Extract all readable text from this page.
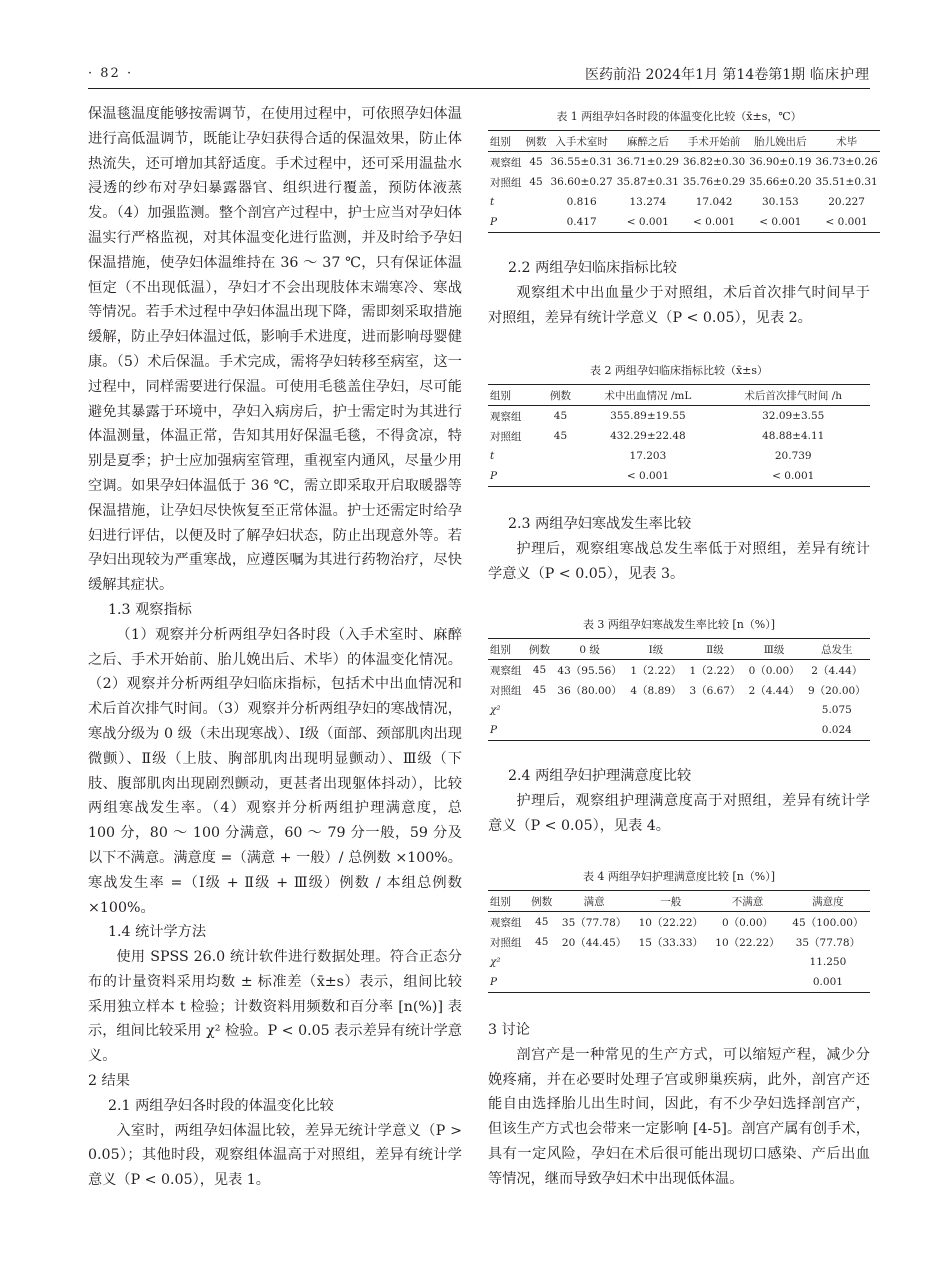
· 82 ·	医药前沿 2024年1月 第14卷第1期 临床护理

保温毯温度能够按需调节，在使用过程中，可依照孕妇体温进行高低温调节，既能让孕妇获得合适的保温效果，防止体热流失，还可增加其舒适度。手术过程中，还可采用温盐水浸透的纱布对孕妇暴露器官、组织进行覆盖，预防体液蒸发。（4）加强监测。整个剖宫产过程中，护士应当对孕妇体温实行严格监视，对其体温变化进行监测，并及时给予孕妇保温措施，使孕妇体温维持在 36 ～ 37 ℃，只有保证体温恒定（不出现低温），孕妇才不会出现肢体末端寒冷、寒战等情况。若手术过程中孕妇体温出现下降，需即刻采取措施缓解，防止孕妇体温过低，影响手术进度，进而影响母婴健康。（5）术后保温。手术完成，需将孕妇转移至病室，这一过程中，同样需要进行保温。可使用毛毯盖住孕妇，尽可能避免其暴露于环境中，孕妇入病房后，护士需定时为其进行体温测量，体温正常，告知其用好保温毛毯，不得贪凉，特别是夏季；护士应加强病室管理，重视室内通风，尽量少用空调。如果孕妇体温低于 36 ℃，需立即采取开启取暖器等保温措施，让孕妇尽快恢复至正常体温。护士还需定时给孕妇进行评估，以便及时了解孕妇状态，防止出现意外等。若孕妇出现较为严重寒战，应遵医嘱为其进行药物治疗，尽快缓解其症状。

1.3 观察指标

（1）观察并分析两组孕妇各时段（入手术室时、麻醉之后、手术开始前、胎儿娩出后、术毕）的体温变化情况。（2）观察并分析两组孕妇临床指标，包括术中出血情况和术后首次排气时间。（3）观察并分析两组孕妇的寒战情况，寒战分级为 0 级（未出现寒战）、Ⅰ级（面部、颈部肌肉出现微颤）、Ⅱ级（上肢、胸部肌肉出现明显颤动）、Ⅲ级（下肢、腹部肌肉出现剧烈颤动，更甚者出现躯体抖动），比较两组寒战发生率。（4）观察并分析两组护理满意度，总 100 分，80 ～ 100 分满意，60 ～ 79 分一般，59 分及以下不满意。满意度 =（满意 + 一般）/ 总例数 ×100%。寒战发生率 =（Ⅰ级 + Ⅱ级 + Ⅲ级）例数 / 本组总例数 ×100%。

1.4 统计学方法

使用 SPSS 26.0 统计软件进行数据处理。符合正态分布的计量资料采用均数 ± 标准差（x̄±s）表示，组间比较采用独立样本 t 检验；计数资料用频数和百分率 [n(%)] 表示，组间比较采用 χ² 检验。P < 0.05 表示差异有统计学意义。

2 结果

2.1 两组孕妇各时段的体温变化比较

入室时，两组孕妇体温比较，差异无统计学意义（P > 0.05）；其他时段，观察组体温高于对照组，差异有统计学意义（P < 0.05），见表 1。

表 1 两组孕妇各时段的体温变化比较（x̄±s，℃）
组别	例数	入手术室时	麻醉之后	手术开始前	胎儿娩出后	术毕
观察组	45	36.55±0.31	36.71±0.29	36.82±0.30	36.90±0.19	36.73±0.26
对照组	45	36.60±0.27	35.87±0.31	35.76±0.29	35.66±0.20	35.51±0.31
t		0.816	13.274	17.042	30.153	20.227
P		0.417	< 0.001	< 0.001	< 0.001	< 0.001

2.2 两组孕妇临床指标比较

观察组术中出血量少于对照组，术后首次排气时间早于对照组，差异有统计学意义（P < 0.05），见表 2。

表 2 两组孕妇临床指标比较（x̄±s）
组别	例数	术中出血情况 /mL	术后首次排气时间 /h
观察组	45	355.89±19.55	32.09±3.55
对照组	45	432.29±22.48	48.88±4.11
t		17.203	20.739
P		< 0.001	< 0.001

2.3 两组孕妇寒战发生率比较

护理后，观察组寒战总发生率低于对照组，差异有统计学意义（P < 0.05），见表 3。

表 3 两组孕妇寒战发生率比较 [n（%）]
组别	例数	0 级	Ⅰ级	Ⅱ级	Ⅲ级	总发生
观察组	45	43（95.56）	1（2.22）	1（2.22）	0（0.00）	2（4.44）
对照组	45	36（80.00）	4（8.89）	3（6.67）	2（4.44）	9（20.00）
χ²						5.075
P						0.024

2.4 两组孕妇护理满意度比较

护理后，观察组护理满意度高于对照组，差异有统计学意义（P < 0.05），见表 4。

表 4 两组孕妇护理满意度比较 [n（%）]
组别	例数	满意	一般	不满意	满意度
观察组	45	35（77.78）	10（22.22）	0（0.00）	45（100.00）
对照组	45	20（44.45）	15（33.33）	10（22.22）	35（77.78）
χ²					11.250
P					0.001

3 讨论

剖宫产是一种常见的生产方式，可以缩短产程，减少分娩疼痛，并在必要时处理子宫或卵巢疾病，此外，剖宫产还能自由选择胎儿出生时间，因此，有不少孕妇选择剖宫产，但该生产方式也会带来一定影响 [4-5]。剖宫产属有创手术，具有一定风险，孕妇在术后很可能出现切口感染、产后出血等情况，继而导致孕妇术中出现低体温。
